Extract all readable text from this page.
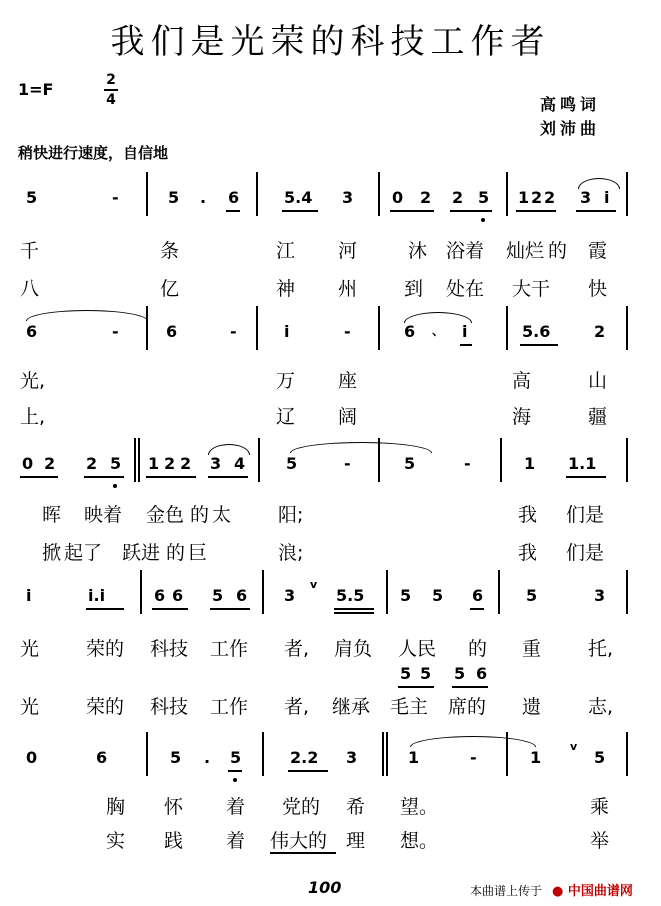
我们是光荣的科技工作者
1=F	2
4	高鸣词
刘沛曲
稍快进行速度，自信地
5	-	5 . 6	5.4 3 0 2 2 5 1 2 2 3 i
千	条	江 河	沐 浴着 灿烂 的 霞
八	亿	神 州 到 处在 大干 快
6	-	6	-	i	-	6 、 i	5.6	2
光,	万 座	高	山
上,	辽 阔	海	疆
0 2 2 5 1 2 2 3 4	5	-	5	-	1 1.1
晖 映着 金色 的 太 阳;	我 们是
掀 起了 跃进 的 巨	浪;	我 们是
i	i.i	6 6 5 6 3
v
5.5 5 5 6	5	3
光 荣的 科技 工作 者, 肩负 人民 的 重 托,
5 5 5 6
光 荣的 科技 工作 者, 继承 毛主 席的 遗 志,
0	6	5 . 5	2.2 3	1	-	1
v
5
胸 怀 着 党的 希 望。	乘
实 践 着 伟大的 理 想。	举
100	本曲谱上传于 ● 中国曲谱网
